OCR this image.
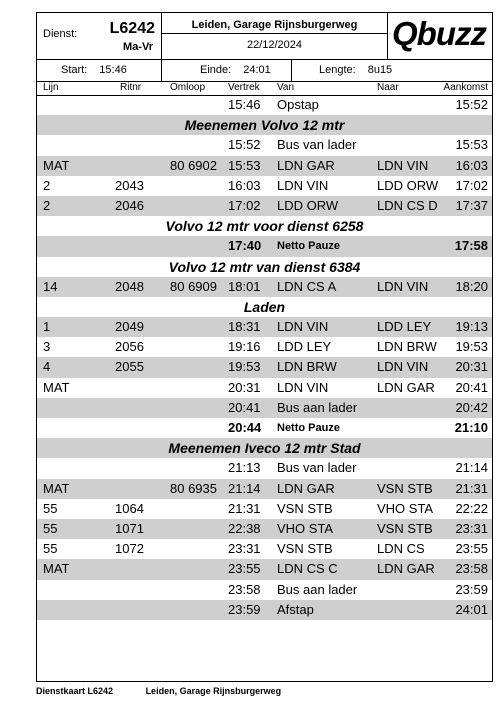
Dienst: L6242
Ma-Vr
Leiden, Garage Rijnsburgerweg
22/12/2024	Qbuzz
Start: 15:46	Einde: 24:01	Lengte: 8u15
Lijn	Ritnr	Omloop Vertrek Van	Naar	Aankomst
15:46 Opstap	15:52
Meenemen Volvo 12 mtr
15:52 Bus van lader	15:53
MAT	80 6902 15:53 LDN GAR	LDN VIN 16:03
2	2043	16:03 LDN VIN	LDD ORW 17:02
2	2046	17:02 LDD ORW	LDN CS D 17:37
Volvo 12 mtr voor dienst 6258
17:40 Netto Pauze	17:58
Volvo 12 mtr van dienst 6384
14	2048 80 6909 18:01 LDN CS A	LDN VIN 18:20
Laden
1	2049	18:31 LDN VIN	LDD LEY 19:13
3	2056	19:16 LDD LEY	LDN BRW 19:53
4	2055	19:53 LDN BRW	LDN VIN 20:31
MAT	20:31 LDN VIN	LDN GAR 20:41
20:41 Bus aan lader	20:42
20:44 Netto Pauze	21:10
Meenemen Iveco 12 mtr Stad
21:13 Bus van lader	21:14
MAT	80 6935 21:14 LDN GAR	VSN STB 21:31
55	1064	21:31 VSN STB	VHO STA 22:22
55	1071	22:38 VHO STA	VSN STB 23:31
55	1072	23:31 VSN STB	LDN CS 23:55
MAT	23:55 LDN CS C	LDN GAR 23:58
23:58 Bus aan lader	23:59
23:59 Afstap	24:01
Dienstkaart L6242	Leiden, Garage Rijnsburgerweg
